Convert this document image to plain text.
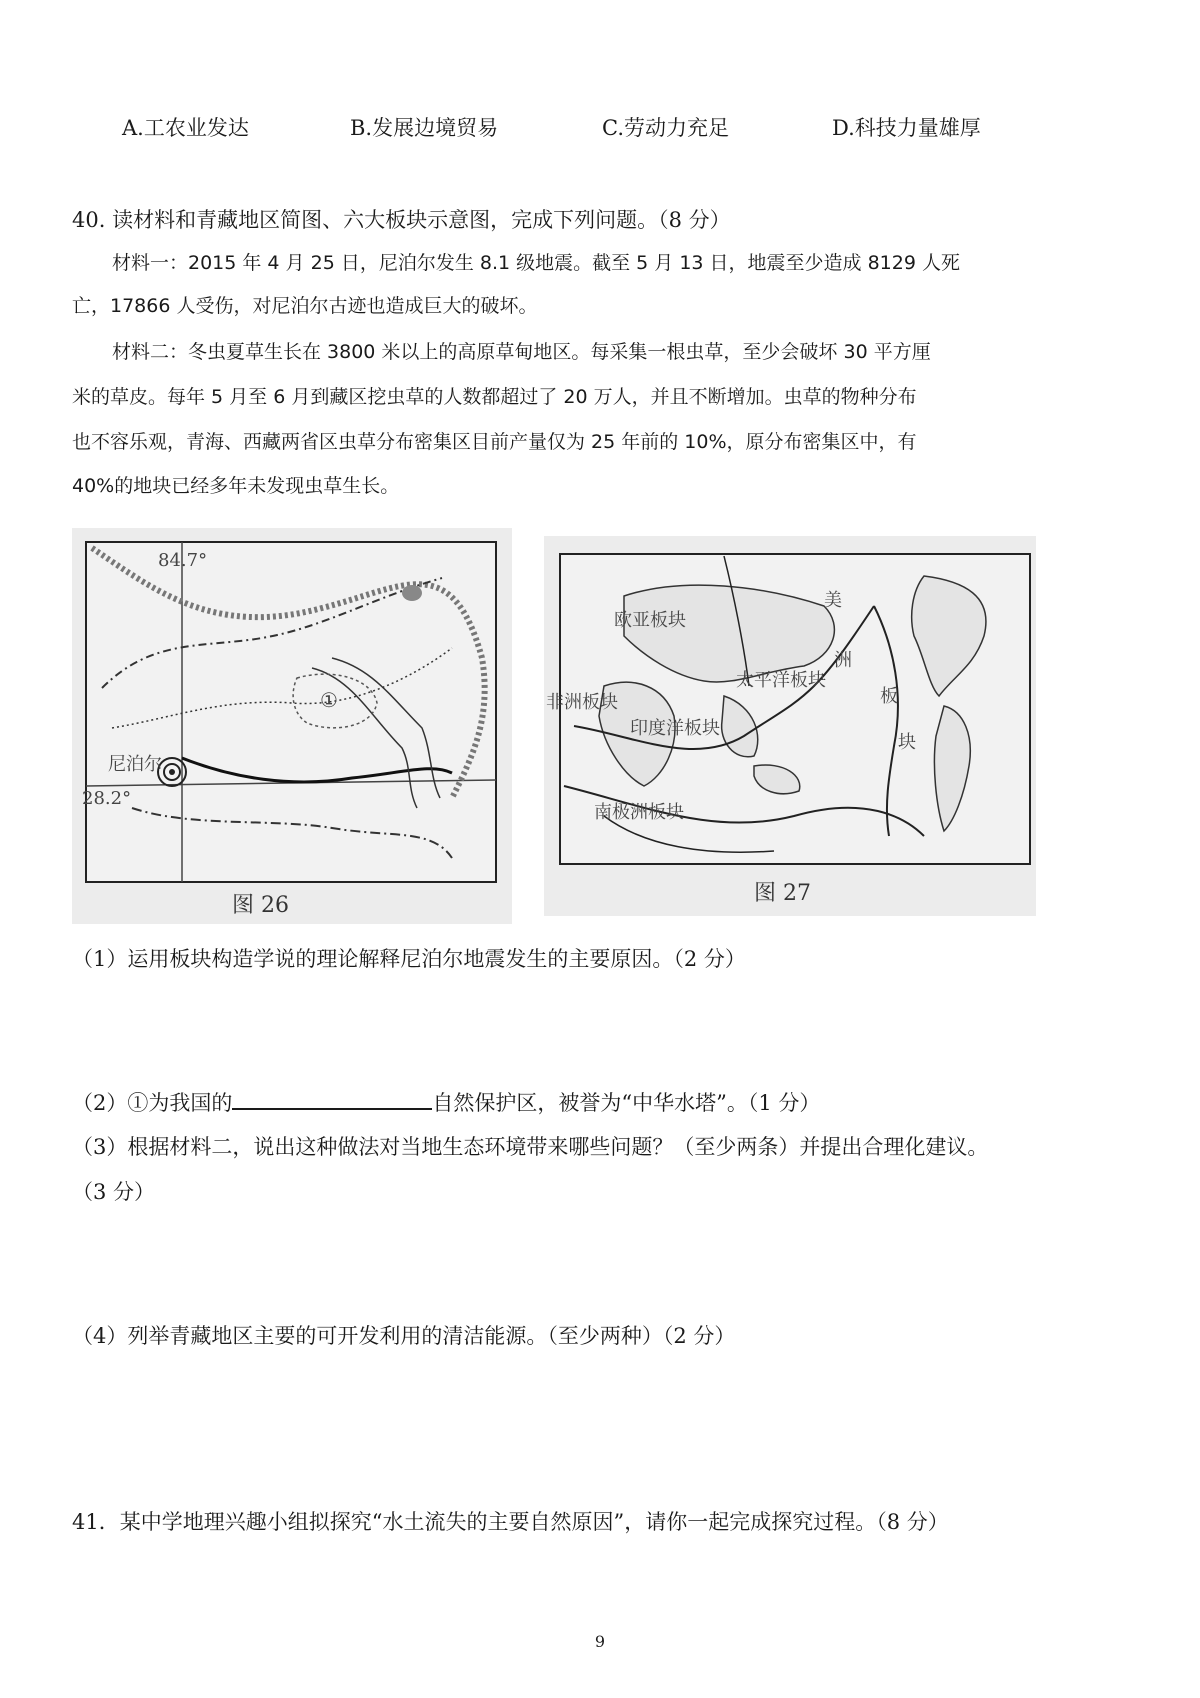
A.工农业发达	B.发展边境贸易	C.劳动力充足	D.科技力量雄厚
40. 读材料和青藏地区简图、六大板块示意图，完成下列问题。（8 分）
材料一：2015 年 4 月 25 日，尼泊尔发生 8.1 级地震。截至 5 月 13 日，地震至少造成 8129 人死
亡，17866 人受伤，对尼泊尔古迹也造成巨大的破坏。
材料二：冬虫夏草生长在 3800 米以上的高原草甸地区。每采集一根虫草，至少会破坏 30 平方厘
米的草皮。每年 5 月至 6 月到藏区挖虫草的人数都超过了 20 万人，并且不断增加。虫草的物种分布
也不容乐观，青海、西藏两省区虫草分布密集区目前产量仅为 25 年前的 10%，原分布密集区中，有
40%的地块已经多年未发现虫草生长。
84.7°
28.2°
尼泊尔
①
图 26
欧亚板块
太平洋板块
非洲板块
印度洋板块
南极洲板块
美
洲
板
块
图 27
（1）运用板块构造学说的理论解释尼泊尔地震发生的主要原因。（2 分）
（2）①为我国的	自然保护区，被誉为“中华水塔”。（1 分）
（3）根据材料二，说出这种做法对当地生态环境带来哪些问题？（至少两条）并提出合理化建议。
（3 分）
（4）列举青藏地区主要的可开发利用的清洁能源。（至少两种）（2 分）
41．某中学地理兴趣小组拟探究“水土流失的主要自然原因”，请你一起完成探究过程。（8 分）
9
